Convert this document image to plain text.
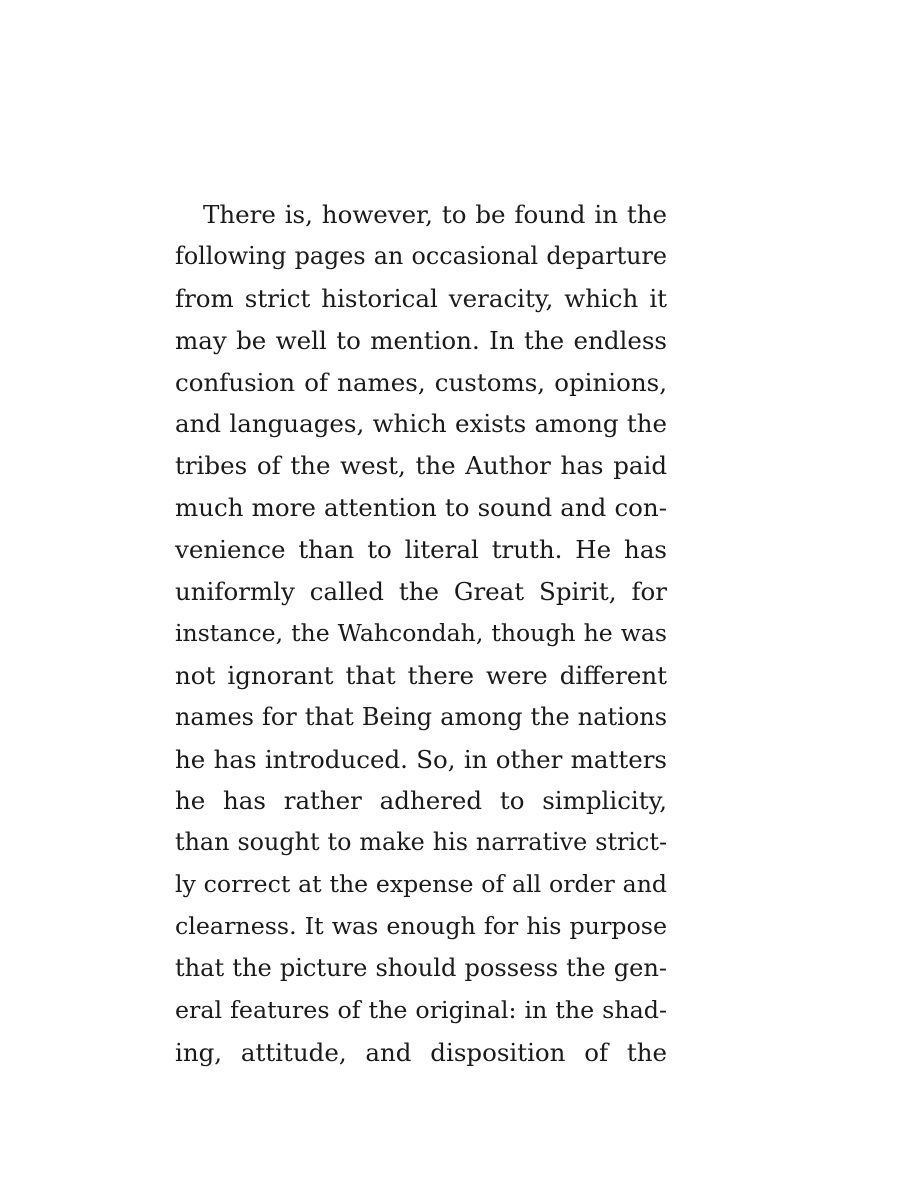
There is, however, to be found in the
following pages an occasional departure
from strict historical veracity, which it
may be well to mention. In the endless
confusion of names, customs, opinions,
and languages, which exists among the
tribes of the west, the Author has paid
much more attention to sound and con-
venience than to literal truth. He has
uniformly called the Great Spirit, for
instance, the Wahcondah, though he was
not ignorant that there were different
names for that Being among the nations
he has introduced. So, in other matters
he has rather adhered to simplicity,
than sought to make his narrative strict-
ly correct at the expense of all order and
clearness. It was enough for his purpose
that the picture should possess the gen-
eral features of the original: in the shad-
ing, attitude, and disposition of the
